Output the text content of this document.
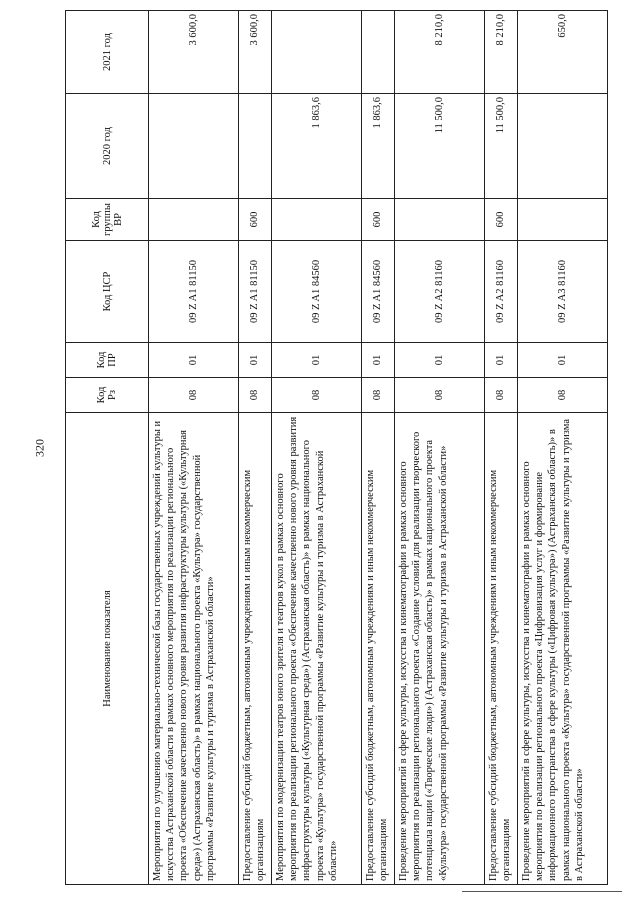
320
Наименование показателя	Код Рз	Код ПР	Код ЦСР	Код группы ВР	2020 год	2021 год
Мероприятия по улучшению материально-технической базы государственных учреждений культуры и искусства Астраханской области в рамках основного мероприятия по реализации регионального проекта «Обеспечение качественно нового уровня развития инфраструктуры культуры («Культурная среда») (Астраханская область)» в рамках национального проекта «Культура» государственной программы «Развитие культуры и туризма в Астраханской области»	08	01	09 Z A1 81150			3 600,0
Предоставление субсидий бюджетным, автономным учреждениям и иным некоммерческим организациям	08	01	09 Z A1 81150	600		3 600,0
Мероприятия по модернизации театров юного зрителя и театров кукол в рамках основного мероприятия по реализации регионального проекта «Обеспечение качественно нового уровня развития инфраструктуры культуры («Культурная среда») (Астраханская область)» в рамках национального проекта «Культура» государственной программы «Развитие культуры и туризма в Астраханской области»	08	01	09 Z A1 84560		1 863,6	
Предоставление субсидий бюджетным, автономным учреждениям и иным некоммерческим организациям	08	01	09 Z A1 84560	600	1 863,6	
Проведение мероприятий в сфере культуры, искусства и кинематографии в рамках основного мероприятия по реализации регионального проекта «Создание условий для реализации творческого потенциала нации («Творческие люди») (Астраханская область)» в рамках национального проекта «Культура» государственной программы «Развитие культуры и туризма в Астраханской области»	08	01	09 Z A2 81160		11 500,0	8 210,0
Предоставление субсидий бюджетным, автономным учреждениям и иным некоммерческим организациям	08	01	09 Z A2 81160	600	11 500,0	8 210,0
Проведение мероприятий в сфере культуры, искусства и кинематографии в рамках основного мероприятия по реализации регионального проекта «Цифровизация услуг и формирование информационного пространства в сфере культуры («Цифровая культура») (Астраханская область)» в рамках национального проекта «Культура» государственной программы «Развитие культуры и туризма в Астраханской области»	08	01	09 Z A3 81160			650,0
